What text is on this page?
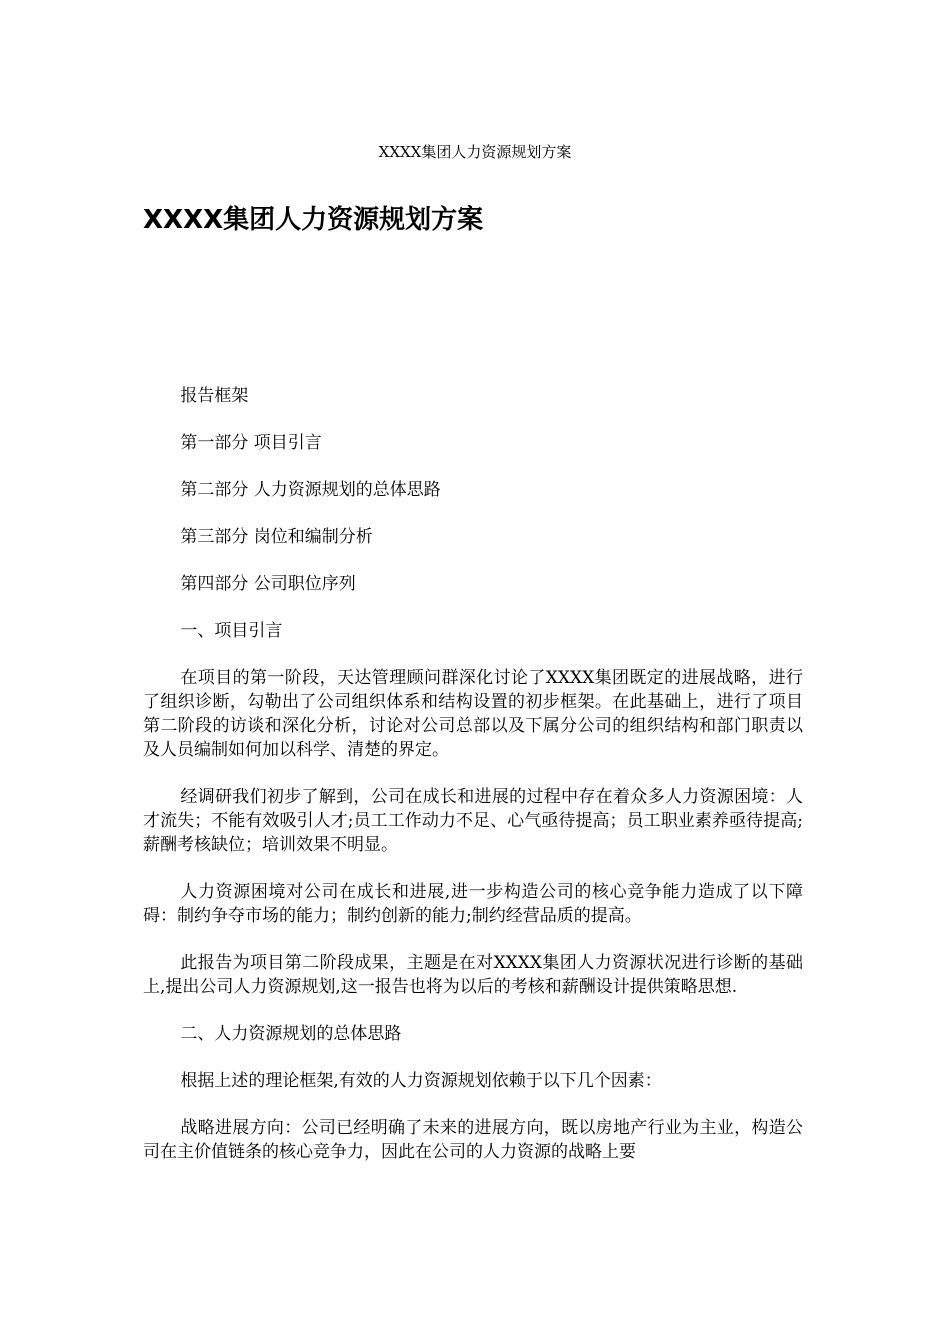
XXXX集团人力资源规划方案
XXXX集团人力资源规划方案

报告框架

第一部分 项目引言

第二部分 人力资源规划的总体思路

第三部分 岗位和编制分析

第四部分 公司职位序列

一、项目引言

在项目的第一阶段，天达管理顾问群深化讨论了XXXX集团既定的进展战略，进行了组织诊断，勾勒出了公司组织体系和结构设置的初步框架。在此基础上，进行了项目第二阶段的访谈和深化分析，讨论对公司总部以及下属分公司的组织结构和部门职责以及人员编制如何加以科学、清楚的界定。

经调研我们初步了解到，公司在成长和进展的过程中存在着众多人力资源困境：人才流失；不能有效吸引人才;员工工作动力不足、心气亟待提高；员工职业素养亟待提高;薪酬考核缺位；培训效果不明显。

人力资源困境对公司在成长和进展,进一步构造公司的核心竞争能力造成了以下障碍：制约争夺市场的能力；制约创新的能力;制约经营品质的提高。

此报告为项目第二阶段成果，主题是在对XXXX集团人力资源状况进行诊断的基础上,提出公司人力资源规划,这一报告也将为以后的考核和薪酬设计提供策略思想.

二、人力资源规划的总体思路

根据上述的理论框架,有效的人力资源规划依赖于以下几个因素：

战略进展方向：公司已经明确了未来的进展方向，既以房地产行业为主业，构造公司在主价值链条的核心竞争力，因此在公司的人力资源的战略上要
